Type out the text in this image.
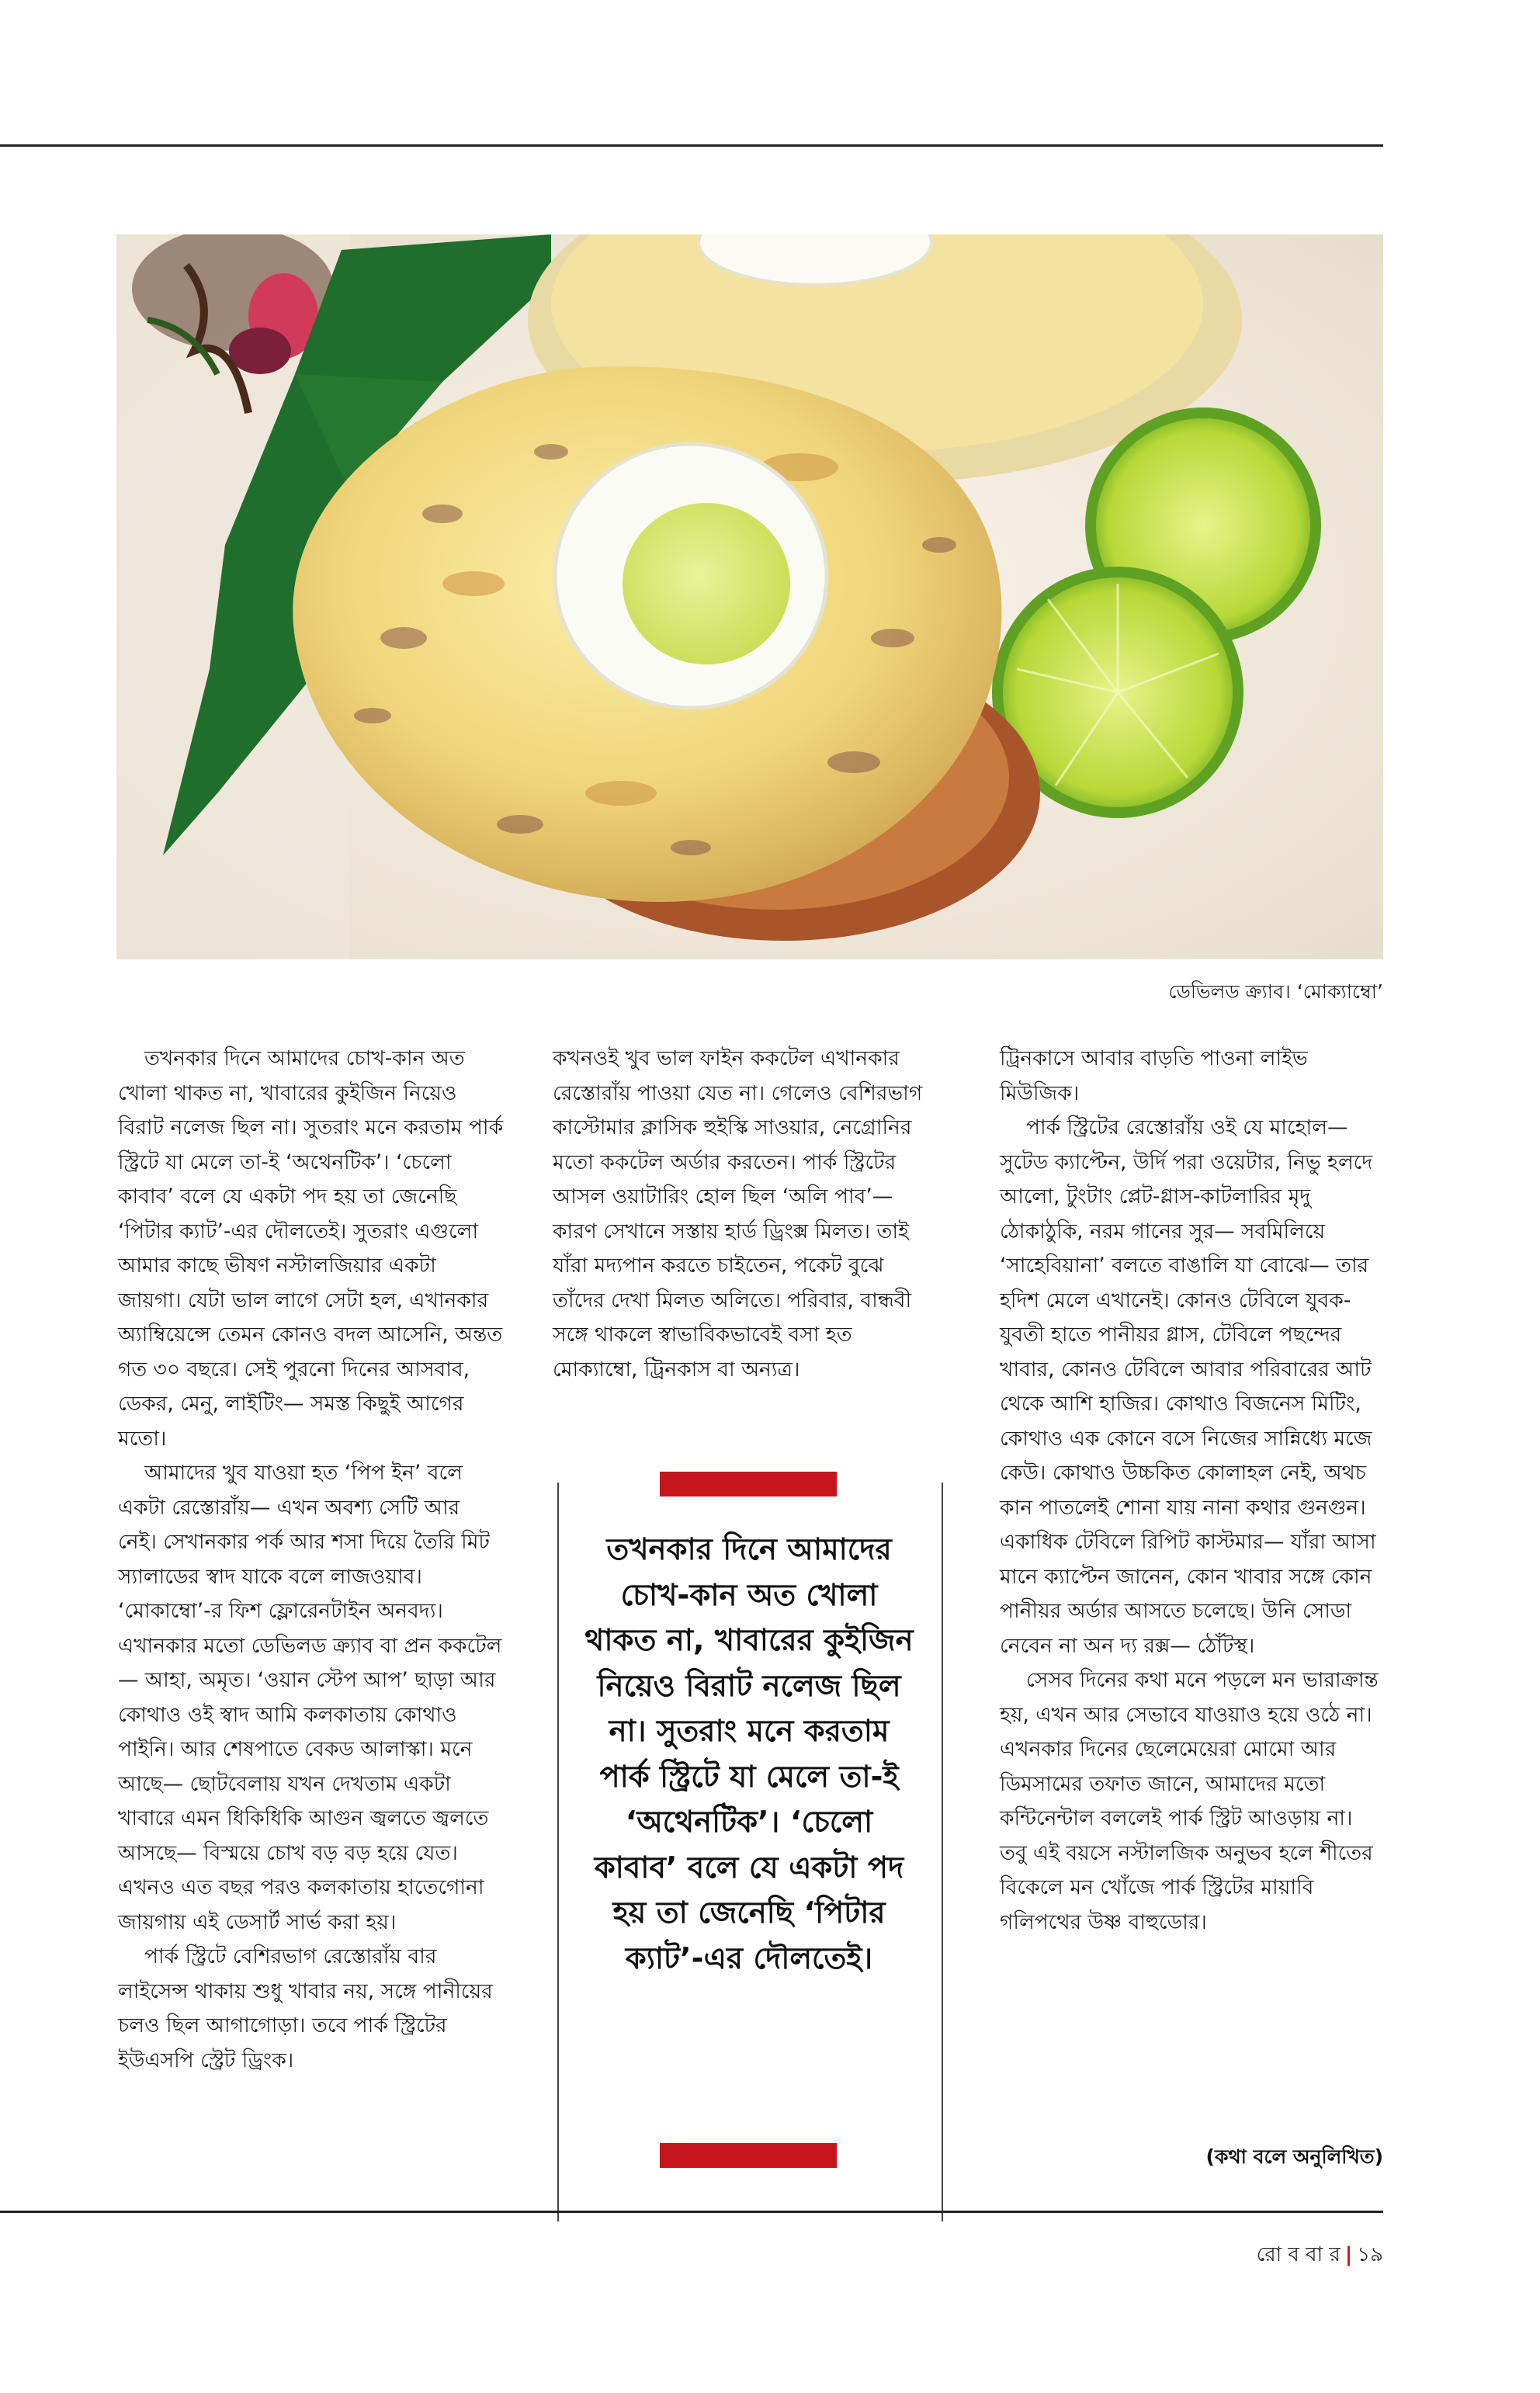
ডেভিলড ক্র্যাব। ‘মোক্যাম্বো’

তখনকার দিনে আমাদের চোখ-কান অত খোলা থাকত না, খাবারের কুইজিন নিয়েও বিরাট নলেজ ছিল না। সুতরাং মনে করতাম পার্ক স্ট্রিটে যা মেলে তা-ই ‘অথেনটিক’। ‘চেলো কাবাব’ বলে যে একটা পদ হয় তা জেনেছি ‘পিটার ক্যাট’-এর দৌলতেই। সুতরাং এগুলো আমার কাছে ভীষণ নস্টালজিয়ার একটা জায়গা। যেটা ভাল লাগে সেটা হল, এখানকার অ্যাম্বিয়েন্সে তেমন কোনও বদল আসেনি, অন্তত গত ৩০ বছরে। সেই পুরনো দিনের আসবাব, ডেকর, মেনু, লাইটিং— সমস্ত কিছুই আগের মতো।

আমাদের খুব যাওয়া হত ‘পিপ ইন’ বলে একটা রেস্তোরাঁয়— এখন অবশ্য সেটি আর নেই। সেখানকার পর্ক আর শসা দিয়ে তৈরি মিট স্যালাডের স্বাদ যাকে বলে লাজওয়াব। ‘মোকাম্বো’-র ফিশ ফ্লোরেনটাইন অনবদ্য। এখানকার মতো ডেভিলড ক্র্যাব বা প্রন ককটেল— আহা, অমৃত। ‘ওয়ান স্টেপ আপ’ ছাড়া আর কোথাও ওই স্বাদ আমি কলকাতায় কোথাও পাইনি। আর শেষপাতে বেকড আলাস্কা। মনে আছে— ছোটবেলায় যখন দেখতাম একটা খাবারে এমন ধিকিধিকি আগুন জ্বলতে জ্বলতে আসছে— বিস্ময়ে চোখ বড় বড় হয়ে যেত। এখনও এত বছর পরও কলকাতায় হাতেগোনা জায়গায় এই ডেসার্ট সার্ভ করা হয়।

পার্ক স্ট্রিটে বেশিরভাগ রেস্তোরাঁয় বার লাইসেন্স থাকায় শুধু খাবার নয়, সঙ্গে পানীয়ের চলও ছিল আগাগোড়া। তবে পার্ক স্ট্রিটের ইউএসপি স্ট্রেট ড্রিংক।

কখনওই খুব ভাল ফাইন ককটেল এখানকার রেস্তোরাঁয় পাওয়া যেত না। গেলেও বেশিরভাগ কাস্টোমার ক্লাসিক হুইস্কি সাওয়ার, নেগ্রোনির মতো ককটেল অর্ডার করতেন। পার্ক স্ট্রিটের আসল ওয়াটারিং হোল ছিল ‘অলি পাব’— কারণ সেখানে সস্তায় হার্ড ড্রিংক্স মিলত। তাই যাঁরা মদ্যপান করতে চাইতেন, পকেট বুঝে তাঁদের দেখা মিলত অলিতে। পরিবার, বান্ধবী সঙ্গে থাকলে স্বাভাবিকভাবেই বসা হত মোক্যাম্বো, ট্রিনকাস বা অন্যত্র।

তখনকার দিনে আমাদের চোখ-কান অত খোলা থাকত না, খাবারের কুইজিন নিয়েও বিরাট নলেজ ছিল না। সুতরাং মনে করতাম পার্ক স্ট্রিটে যা মেলে তা-ই ‘অথেনটিক’। ‘চেলো কাবাব’ বলে যে একটা পদ হয় তা জেনেছি ‘পিটার ক্যাট’-এর দৌলতেই।

ট্রিনকাসে আবার বাড়তি পাওনা লাইভ মিউজিক।

পার্ক স্ট্রিটের রেস্তোরাঁয় ওই যে মাহোল— সুটেড ক্যাপ্টেন, উর্দি পরা ওয়েটার, নিভু হলদে আলো, টুংটাং প্লেট-গ্লাস-কাটলারির মৃদু ঠোকাঠুকি, নরম গানের সুর— সবমিলিয়ে ‘সাহেবিয়ানা’ বলতে বাঙালি যা বোঝে— তার হদিশ মেলে এখানেই। কোনও টেবিলে যুবক-যুবতী হাতে পানীয়র গ্লাস, টেবিলে পছন্দের খাবার, কোনও টেবিলে আবার পরিবারের আট থেকে আশি হাজির। কোথাও বিজনেস মিটিং, কোথাও এক কোনে বসে নিজের সান্নিধ্যে মজে কেউ। কোথাও উচ্চকিত কোলাহল নেই, অথচ কান পাতলেই শোনা যায় নানা কথার গুনগুন। একাধিক টেবিলে রিপিট কাস্টমার— যাঁরা আসা মানে ক্যাপ্টেন জানেন, কোন খাবার সঙ্গে কোন পানীয়র অর্ডার আসতে চলেছে। উনি সোডা নেবেন না অন দ্য রক্স— ঠোঁটস্থ।

সেসব দিনের কথা মনে পড়লে মন ভারাক্রান্ত হয়, এখন আর সেভাবে যাওয়াও হয়ে ওঠে না। এখনকার দিনের ছেলেমেয়েরা মোমো আর ডিমসামের তফাত জানে, আমাদের মতো কন্টিনেন্টাল বললেই পার্ক স্ট্রিট আওড়ায় না। তবু এই বয়সে নস্টালজিক অনুভব হলে শীতের বিকেলে মন খোঁজে পার্ক স্ট্রিটের মায়াবি গলিপথের উষ্ণ বাহুডোর।

(কথা বলে অনুলিখিত)
রো ব বা র | ১৯
